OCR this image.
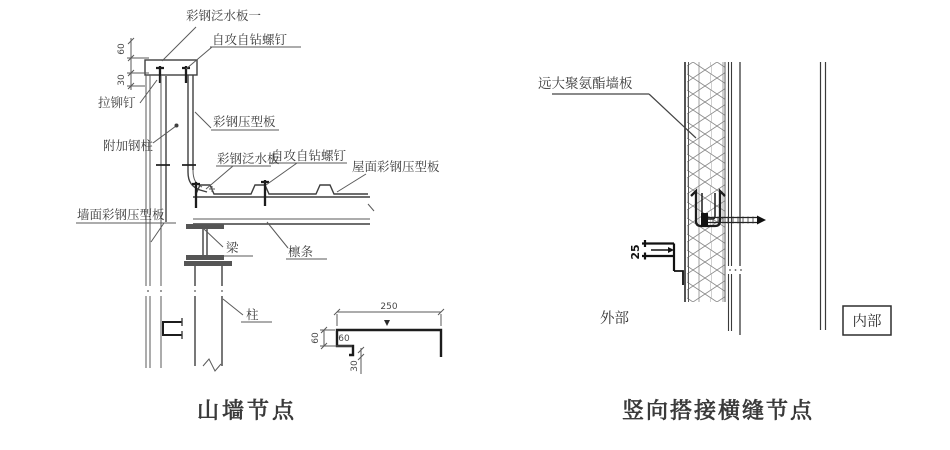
60
30
彩钢泛水板一
自攻自钻螺钉
拉铆钉
彩钢压型板
附加钢柱
彩钢泛水板
自攻自钻螺钉
屋面彩钢压型板
墙面彩钢压型板
梁	檩条
柱	250
60 60
30
山墙节点
远大聚氨酯墙板
25
外部	内部
竖向搭接横缝节点
